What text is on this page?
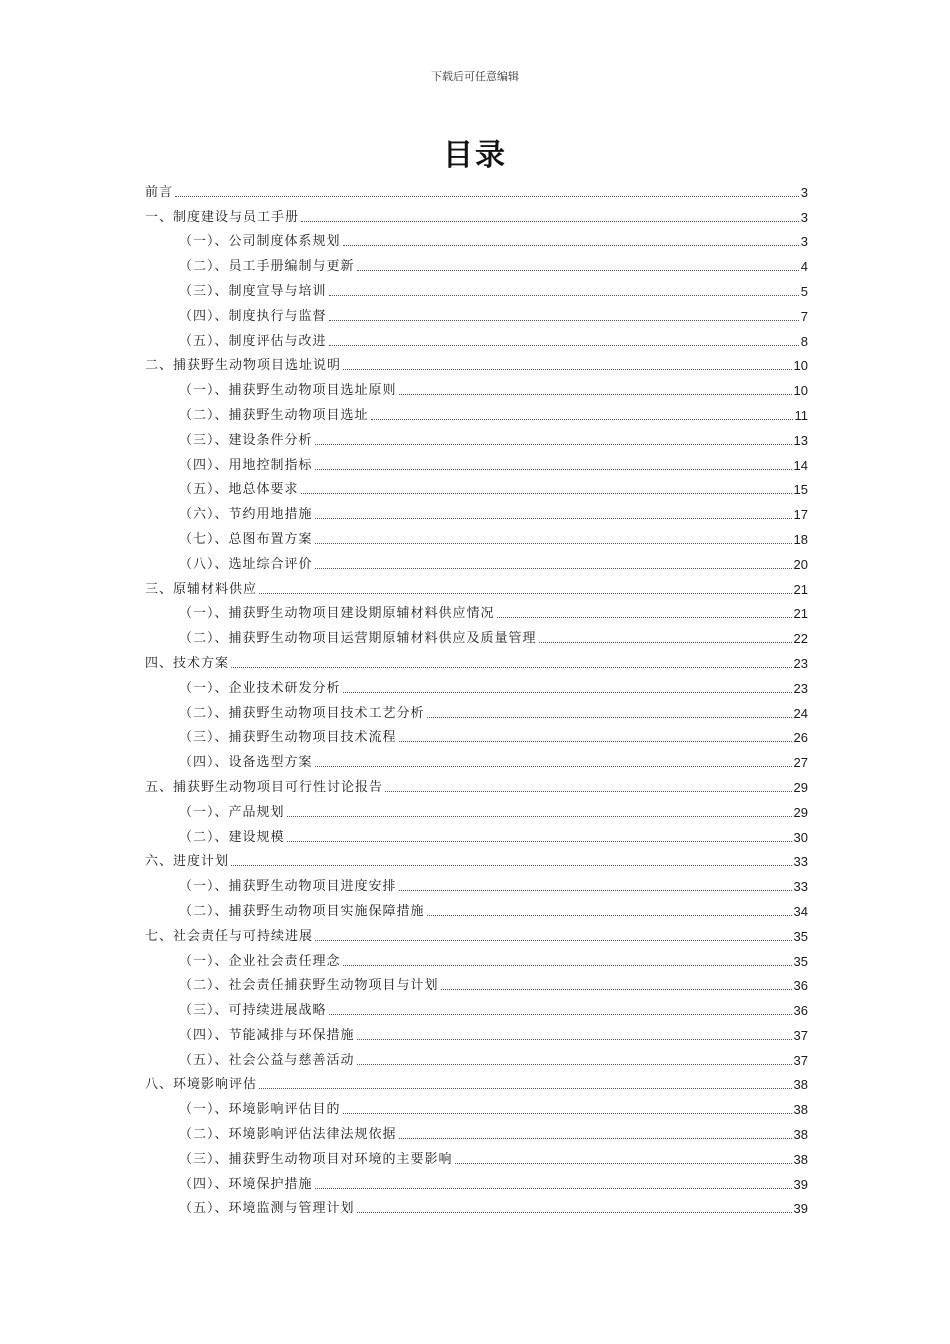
下载后可任意编辑
目录
前言	3
一、制度建设与员工手册	3
（一）、公司制度体系规划	3
（二）、员工手册编制与更新	4
（三）、制度宣导与培训	5
（四）、制度执行与监督	7
（五）、制度评估与改进	8
二、捕获野生动物项目选址说明	10
（一）、捕获野生动物项目选址原则	10
（二）、捕获野生动物项目选址	11
（三）、建设条件分析	13
（四）、用地控制指标	14
（五）、地总体要求	15
（六）、节约用地措施	17
（七）、总图布置方案	18
（八）、选址综合评价	20
三、原辅材料供应	21
（一）、捕获野生动物项目建设期原辅材料供应情况	21
（二）、捕获野生动物项目运营期原辅材料供应及质量管理	22
四、技术方案	23
（一）、企业技术研发分析	23
（二）、捕获野生动物项目技术工艺分析	24
（三）、捕获野生动物项目技术流程	26
（四）、设备选型方案	27
五、捕获野生动物项目可行性讨论报告	29
（一）、产品规划	29
（二）、建设规模	30
六、进度计划	33
（一）、捕获野生动物项目进度安排	33
（二）、捕获野生动物项目实施保障措施	34
七、社会责任与可持续进展	35
（一）、企业社会责任理念	35
（二）、社会责任捕获野生动物项目与计划	36
（三）、可持续进展战略	36
（四）、节能减排与环保措施	37
（五）、社会公益与慈善活动	37
八、环境影响评估	38
（一）、环境影响评估目的	38
（二）、环境影响评估法律法规依据	38
（三）、捕获野生动物项目对环境的主要影响	38
（四）、环境保护措施	39
（五）、环境监测与管理计划	39
